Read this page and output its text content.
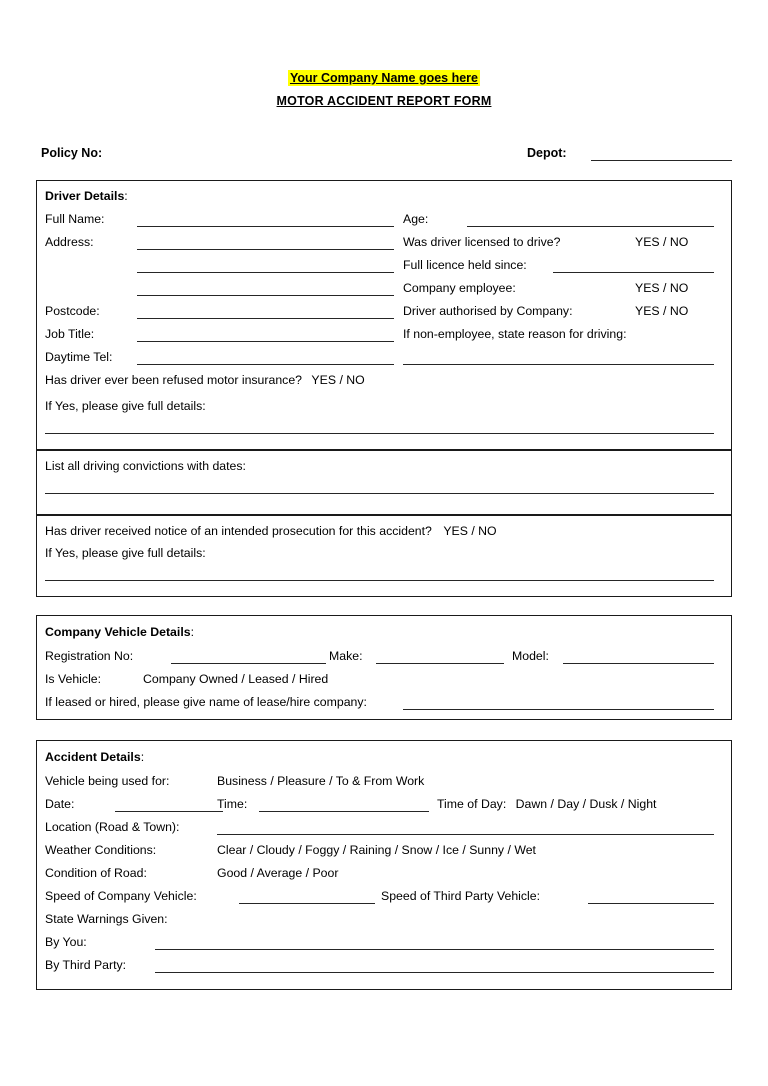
Your Company Name goes here
MOTOR ACCIDENT REPORT FORM
Policy No:	Depot:
Driver Details:
Full Name:
Address:
Postcode:
Job Title:
Daytime Tel:
Age:
Was driver licensed to drive?	YES / NO
Full licence held since:
Company employee:	YES / NO
Driver authorised by Company:	YES / NO
If non-employee, state reason for driving:
Has driver ever been refused motor insurance? YES / NO
If Yes, please give full details:
List all driving convictions with dates:
Has driver received notice of an intended prosecution for this accident? YES / NO
If Yes, please give full details:
Company Vehicle Details:
Registration No:	Make:	Model:
Is Vehicle:	Company Owned / Leased / Hired
If leased or hired, please give name of lease/hire company:
Accident Details:
Vehicle being used for:	Business / Pleasure / To & From Work
Date:	Time:	Time of Day: Dawn / Day / Dusk / Night
Location (Road & Town):
Weather Conditions:	Clear / Cloudy / Foggy / Raining / Snow / Ice / Sunny / Wet
Condition of Road:	Good / Average / Poor
Speed of Company Vehicle:	Speed of Third Party Vehicle:
State Warnings Given:
By You:
By Third Party:
